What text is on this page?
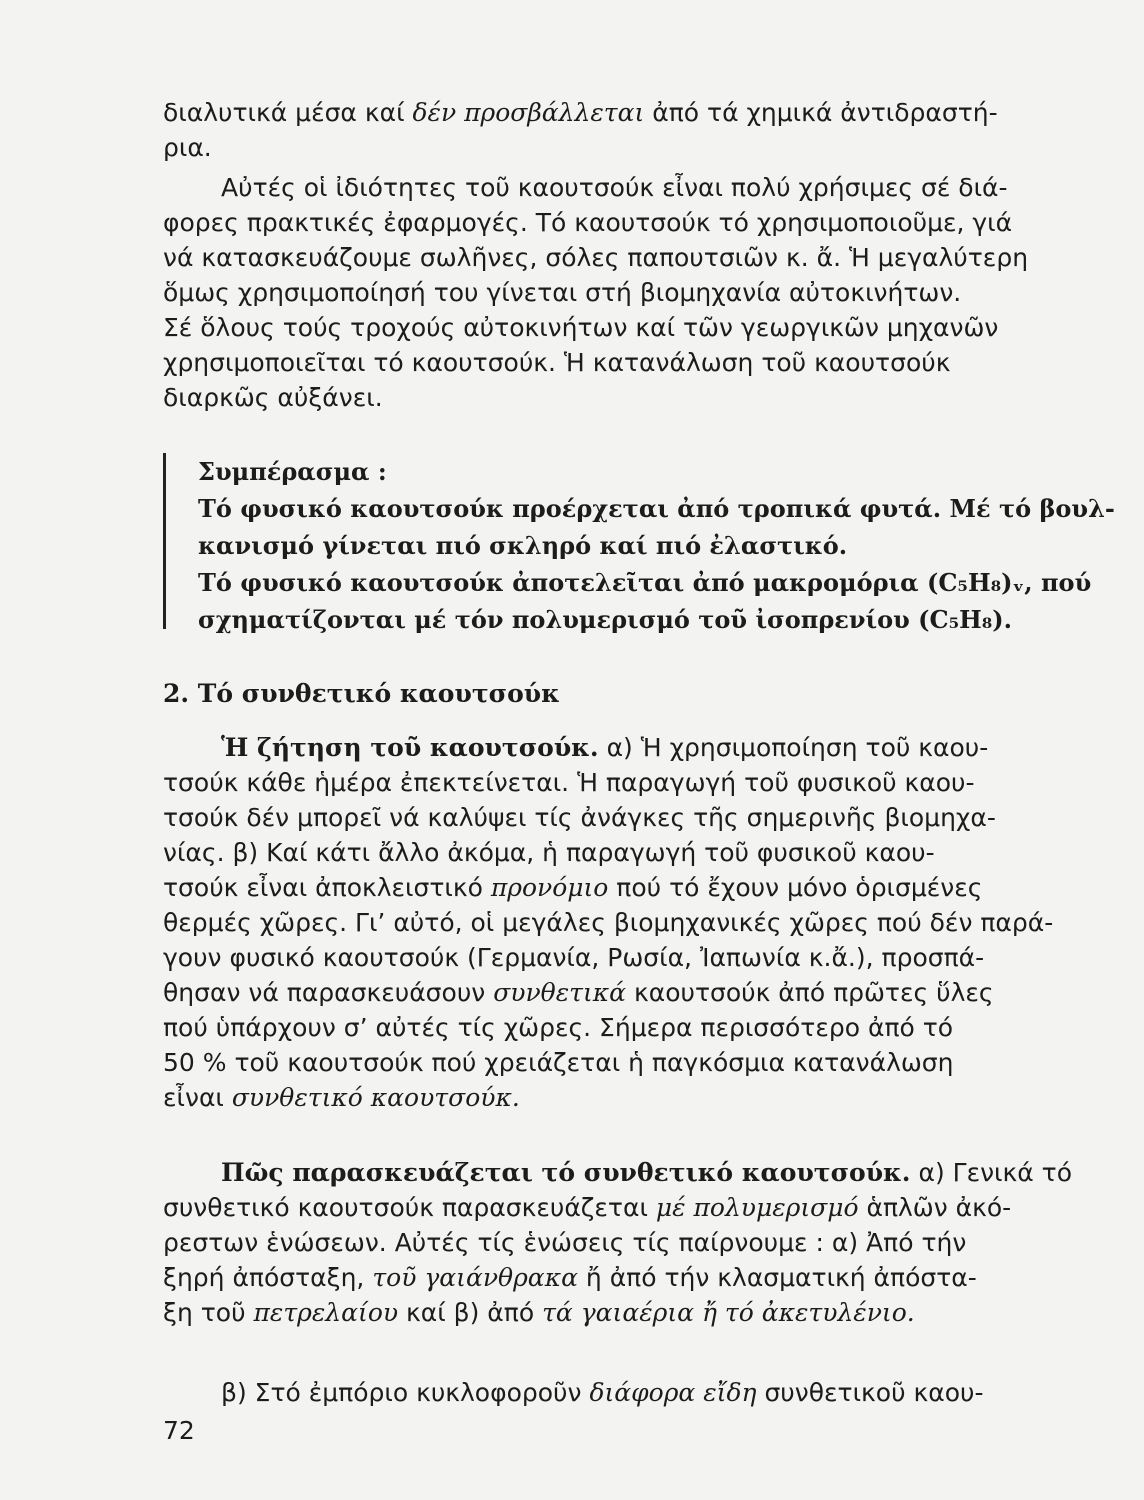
διαλυτικά μέσα καί δέν προσβάλλεται ἀπό τά χημικά ἀντιδραστή-
ρια.
Αὐτές οἱ ἰδιότητες τοῦ καουτσούκ εἶναι πολύ χρήσιμες σέ διά-
φορες πρακτικές ἐφαρμογές. Τό καουτσούκ τό χρησιμοποιοῦμε, γιά
νά κατασκευάζουμε σωλῆνες, σόλες παπουτσιῶν κ. ἄ. Ἡ μεγαλύτερη
ὅμως χρησιμοποίησή του γίνεται στή βιομηχανία αὐτοκινήτων.
Σέ ὅλους τούς τροχούς αὐτοκινήτων καί τῶν γεωργικῶν μηχανῶν
χρησιμοποιεῖται τό καουτσούκ. Ἡ κατανάλωση τοῦ καουτσούκ
διαρκῶς αὐξάνει.
Συμπέρασμα :
Τό φυσικό καουτσούκ προέρχεται ἀπό τροπικά φυτά. Μέ τό βουλ-
κανισμό γίνεται πιό σκληρό καί πιό ἐλαστικό.
Τό φυσικό καουτσούκ ἀποτελεῖται ἀπό μακρομόρια (C₅H₈)ᵥ, πού
σχηματίζονται μέ τόν πολυμερισμό τοῦ ἰσοπρενίου (C₅H₈).
2. Τό συνθετικό καουτσούκ
Ἡ ζήτηση τοῦ καουτσούκ. α) Ἡ χρησιμοποίηση τοῦ καου-
τσούκ κάθε ἡμέρα ἐπεκτείνεται. Ἡ παραγωγή τοῦ φυσικοῦ καου-
τσούκ δέν μπορεῖ νά καλύψει τίς ἀνάγκες τῆς σημερινῆς βιομηχα-
νίας. β) Καί κάτι ἄλλο ἀκόμα, ἡ παραγωγή τοῦ φυσικοῦ καου-
τσούκ εἶναι ἀποκλειστικό προνόμιο πού τό ἔχουν μόνο ὁρισμένες
θερμές χῶρες. Γι’ αὐτό, οἱ μεγάλες βιομηχανικές χῶρες πού δέν παρά-
γουν φυσικό καουτσούκ (Γερμανία, Ρωσία, Ἰαπωνία κ.ἄ.), προσπά-
θησαν νά παρασκευάσουν συνθετικά καουτσούκ ἀπό πρῶτες ὕλες
πού ὑπάρχουν σ’ αὐτές τίς χῶρες. Σήμερα περισσότερο ἀπό τό
50 % τοῦ καουτσούκ πού χρειάζεται ἡ παγκόσμια κατανάλωση
εἶναι συνθετικό καουτσούκ.
Πῶς παρασκευάζεται τό συνθετικό καουτσούκ. α) Γενικά τό
συνθετικό καουτσούκ παρασκευάζεται μέ πολυμερισμό ἁπλῶν ἀκό-
ρεστων ἑνώσεων. Αὐτές τίς ἑνώσεις τίς παίρνουμε : α) Ἀπό τήν
ξηρή ἀπόσταξη, τοῦ γαιάνθρακα ἤ ἀπό τήν κλασματική ἀπόστα-
ξη τοῦ πετρελαίου καί β) ἀπό τά γαιαέρια ἤ τό ἀκετυλένιο.
β) Στό ἐμπόριο κυκλοφοροῦν διάφορα εἴδη συνθετικοῦ καου-
72
